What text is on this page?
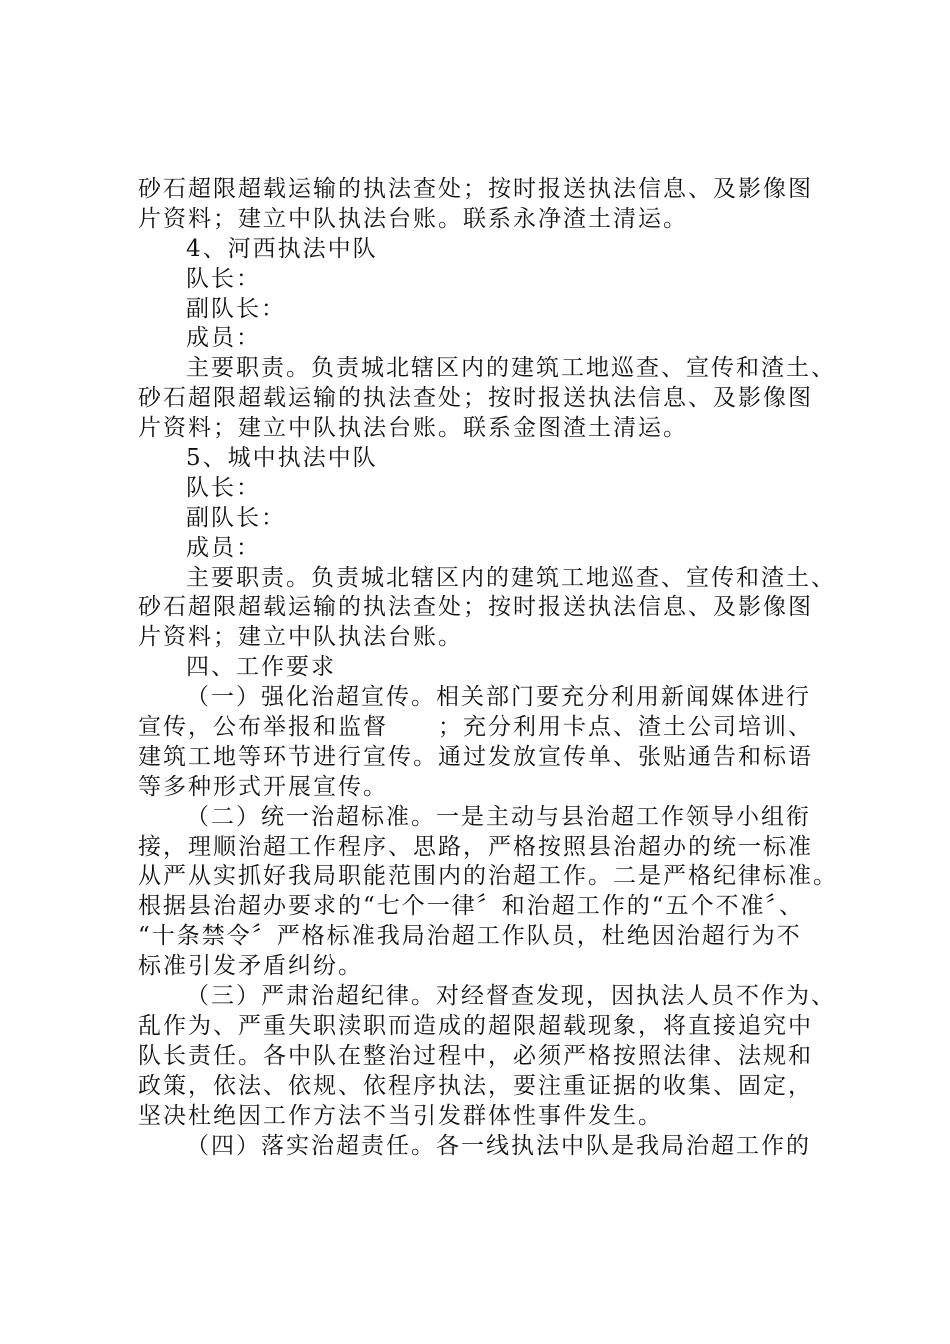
砂石超限超载运输的执法查处；按时报送执法信息、及影像图
片资料；建立中队执法台账。联系永净渣土清运。
4、河西执法中队
队长：
副队长：
成员：
主要职责。负责城北辖区内的建筑工地巡查、宣传和渣土、
砂石超限超载运输的执法查处；按时报送执法信息、及影像图
片资料；建立中队执法台账。联系金图渣土清运。
5、城中执法中队
队长：
副队长：
成员：
主要职责。负责城北辖区内的建筑工地巡查、宣传和渣土、
砂石超限超载运输的执法查处；按时报送执法信息、及影像图
片资料；建立中队执法台账。
四、工作要求
（一）强化治超宣传。相关部门要充分利用新闻媒体进行
宣传，公布举报和监督　　；充分利用卡点、渣土公司培训、
建筑工地等环节进行宣传。通过发放宣传单、张贴通告和标语
等多种形式开展宣传。
（二）统一治超标准。一是主动与县治超工作领导小组衔
接，理顺治超工作程序、思路，严格按照县治超办的统一标准
从严从实抓好我局职能范围内的治超工作。二是严格纪律标准。
根据县治超办要求的“七个一律〞和治超工作的“五个不准〞、
“十条禁令〞严格标准我局治超工作队员，杜绝因治超行为不
标准引发矛盾纠纷。
（三）严肃治超纪律。对经督查发现，因执法人员不作为、
乱作为、严重失职渎职而造成的超限超载现象，将直接追究中
队长责任。各中队在整治过程中，必须严格按照法律、法规和
政策，依法、依规、依程序执法，要注重证据的收集、固定，
坚决杜绝因工作方法不当引发群体性事件发生。
（四）落实治超责任。各一线执法中队是我局治超工作的
